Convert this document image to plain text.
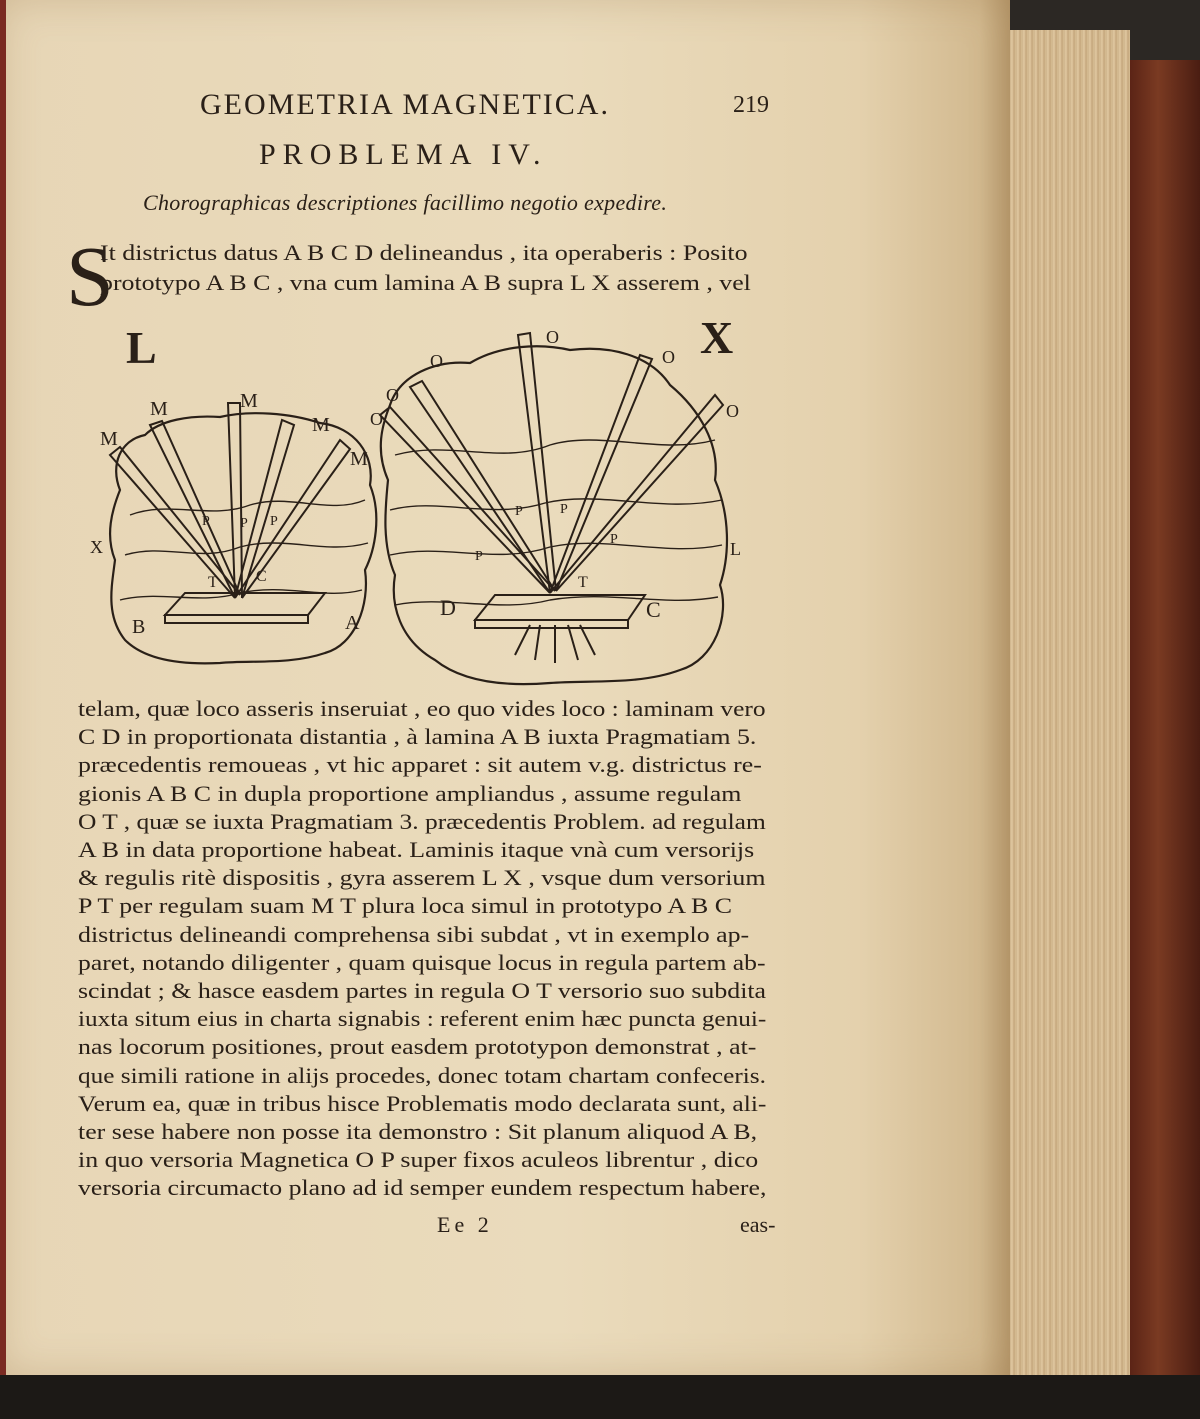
GEOMETRIA MAGNETICA.	219
PROBLEMA IV.
Chorographicas descriptiones facillimo negotio expedire.
S
It districtus datus A B C D delineandus , ita operaberis : Posito
prototypo A B C , vna cum lamina A B supra L X asserem , vel
L
M
M	M
M
M
X
P P P
T C
B	A
X
O
O
O
O
O
O
P
P	P
P	L
T
D	C
telam, quæ loco asseris inseruiat , eo quo vides loco : laminam vero
C D in proportionata distantia , à lamina A B iuxta Pragmatiam 5.
præcedentis remoueas , vt hic apparet : sit autem v.g. districtus re-
gionis A B C in dupla proportione ampliandus , assume regulam
O T , quæ se iuxta Pragmatiam 3. præcedentis Problem. ad regulam
A B in data proportione habeat. Laminis itaque vnà cum versorijs
& regulis ritè dispositis , gyra asserem L X , vsque dum versorium
P T per regulam suam M T plura loca simul in prototypo A B C
districtus delineandi comprehensa sibi subdat , vt in exemplo ap-
paret, notando diligenter , quam quisque locus in regula partem ab-
scindat ; & hasce easdem partes in regula O T versorio suo subdita
iuxta situm eius in charta signabis : referent enim hæc puncta genui-
nas locorum positiones, prout easdem prototypon demonstrat , at-
que simili ratione in alijs procedes, donec totam chartam confeceris.
Verum ea, quæ in tribus hisce Problematis modo declarata sunt, ali-
ter sese habere non posse ita demonstro : Sit planum aliquod A B,
in quo versoria Magnetica O P super fixos aculeos librentur , dico
versoria circumacto plano ad id semper eundem respectum habere,
Ee 2	eas-
